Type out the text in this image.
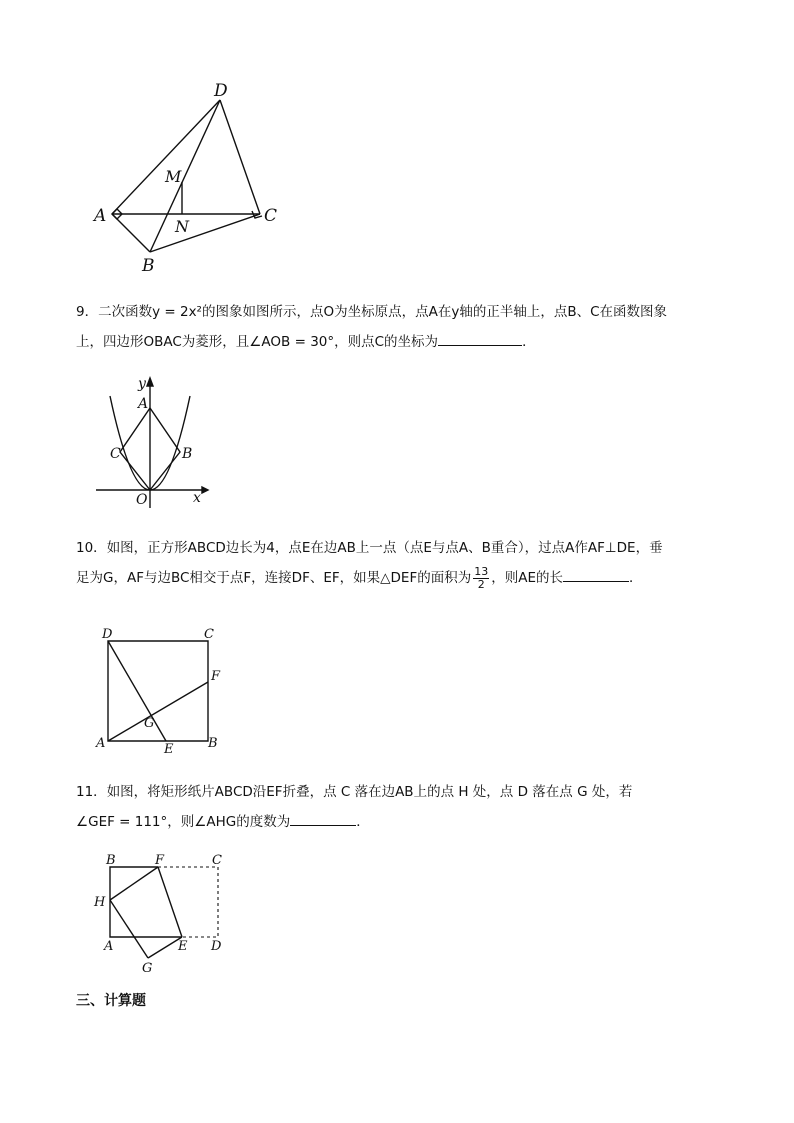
D
A	C
B
M
N
9．二次函数y = 2x²的图象如图所示，点O为坐标原点，点A在y轴的正半轴上，点B、C在函数图象
上，四边形OBAC为菱形，且∠AOB = 30°，则点C的坐标为	．
y
x
A
C	B
O
10．如图，正方形ABCD边长为4，点E在边AB上一点（点E与点A、B重合），过点A作AF⊥DE，垂
足为G，AF与边BC相交于点F，连接DF、EF，如果△DEF的面积为 $\frac{13}{2}$ ，则AE的长	．
D	C
F
G
A	E	B
11．如图，将矩形纸片ABCD沿EF折叠，点 C 落在边AB上的点 H 处，点 D 落在点 G 处，若
∠GEF = 111°，则∠AHG的度数为	．
B	F	C
H
A	E D
G
三、计算题
